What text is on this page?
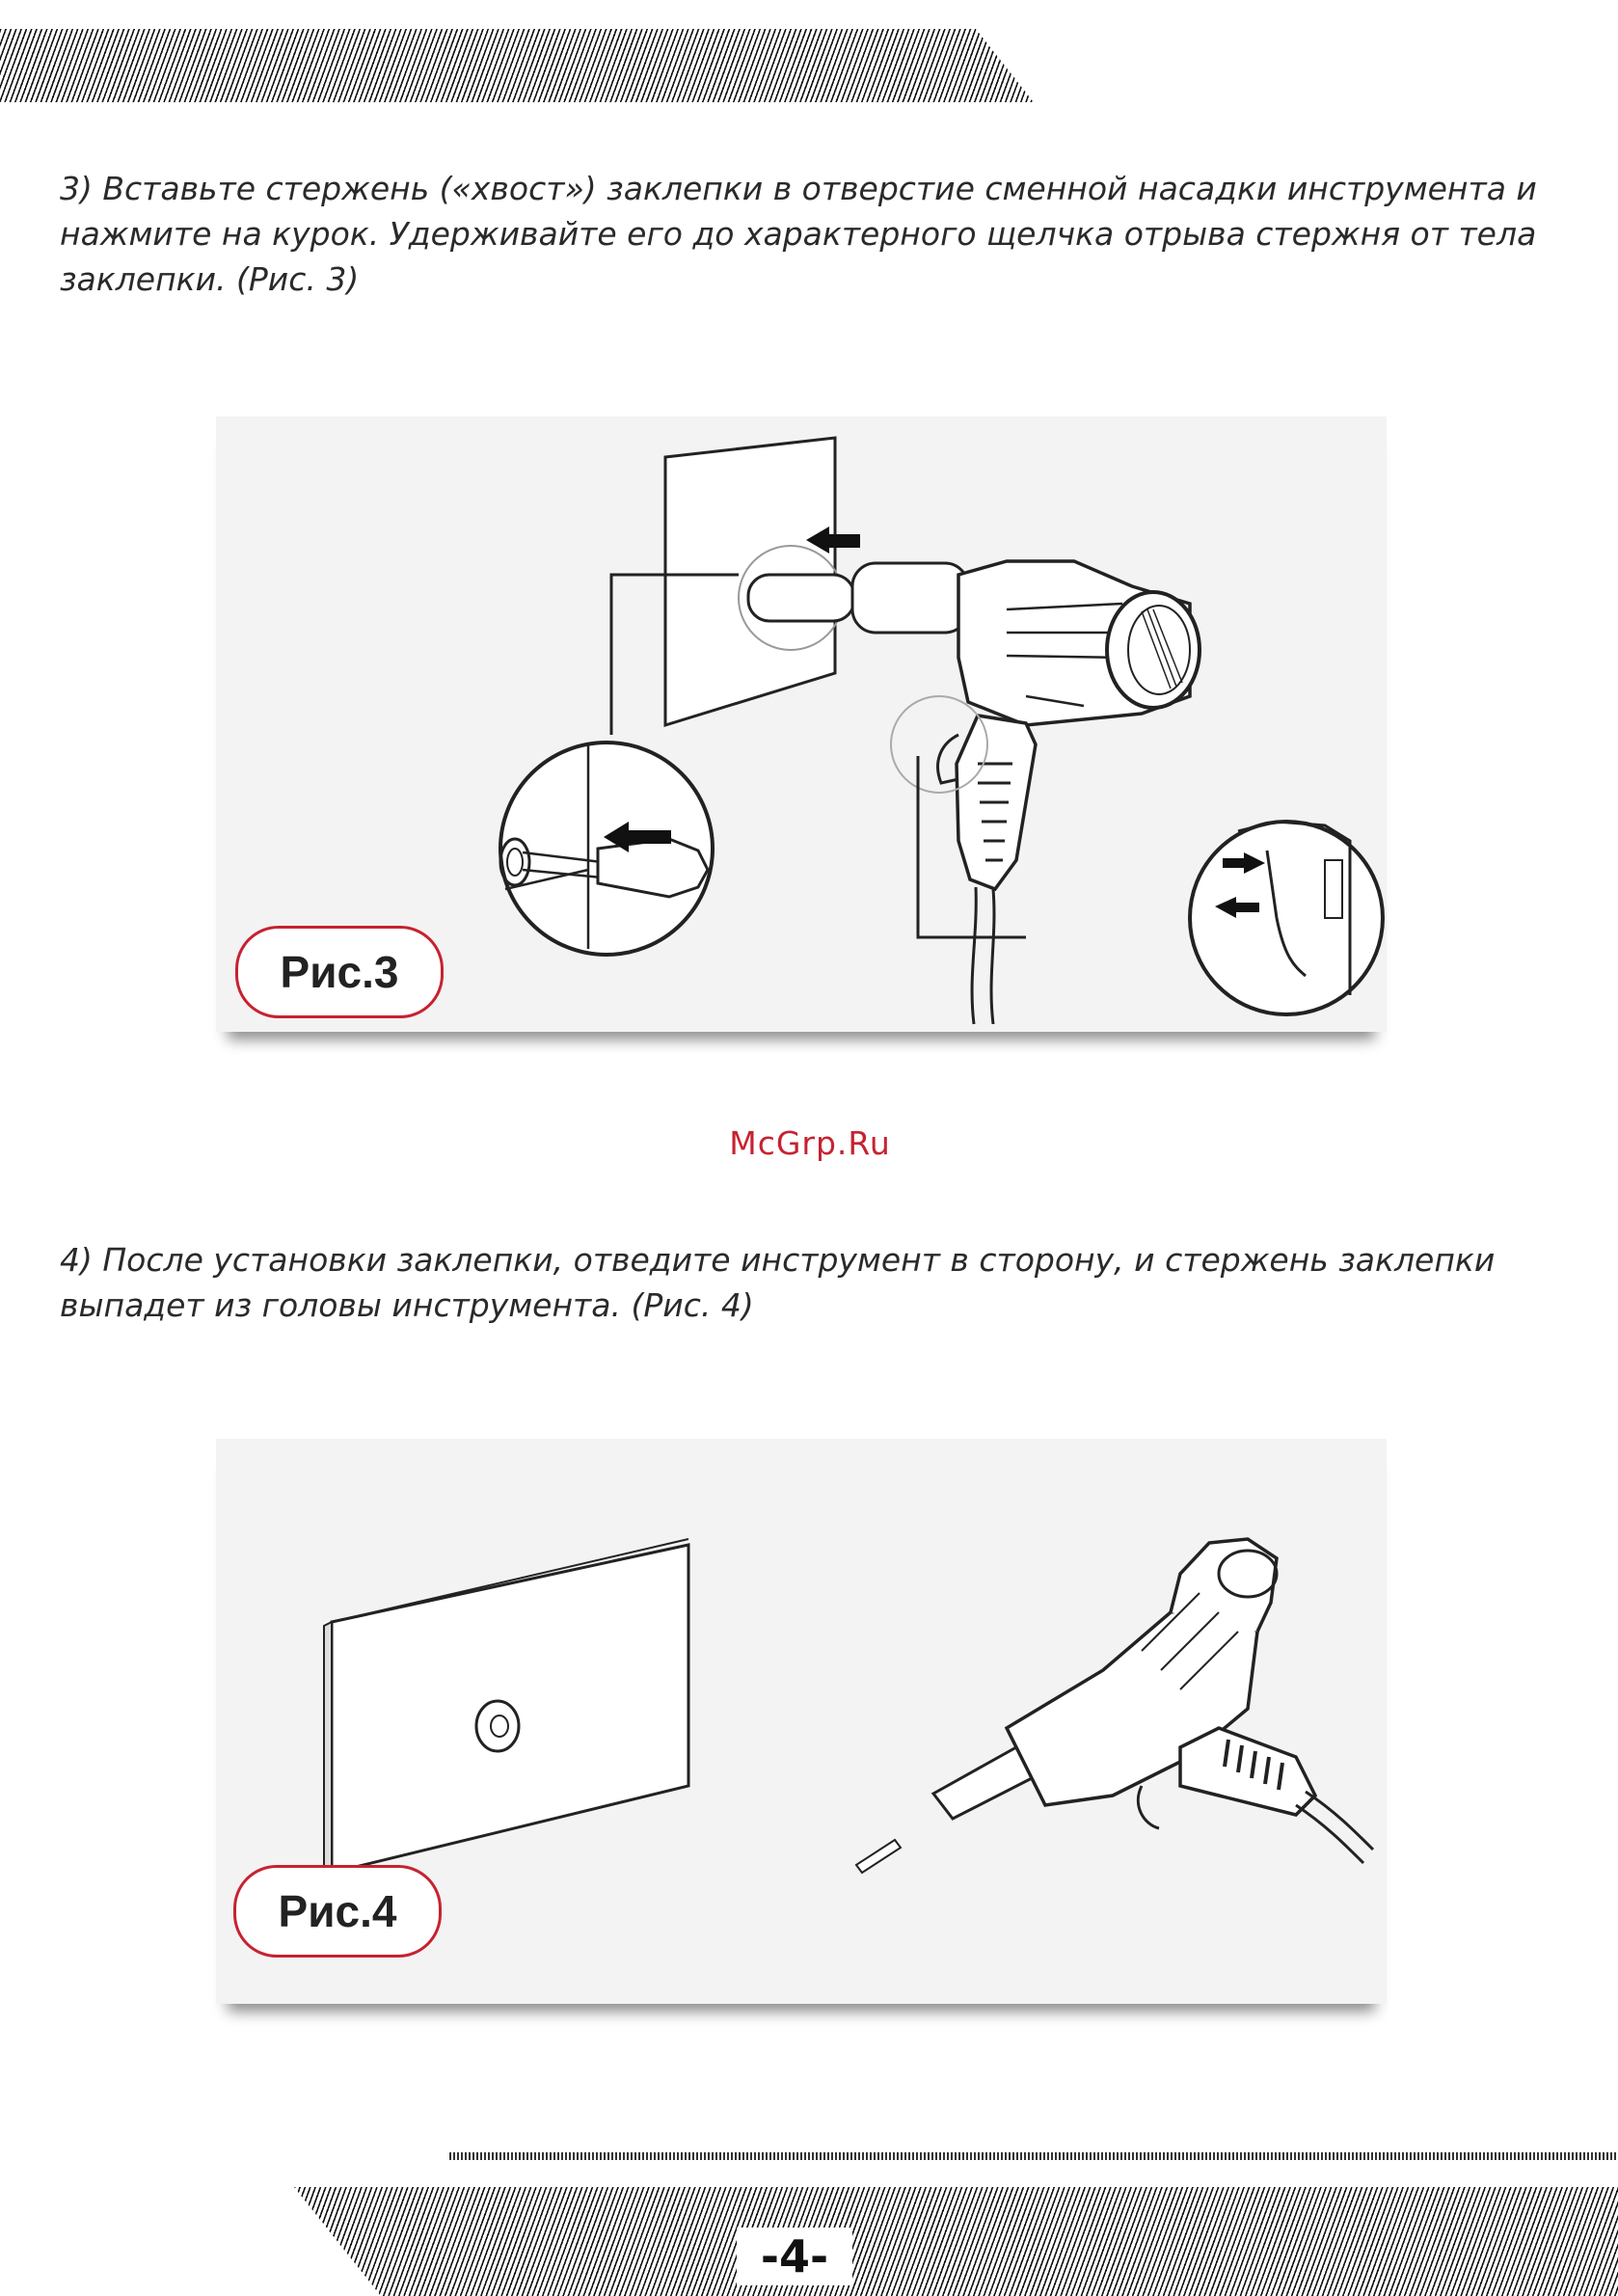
3) Вставьте стержень («хвост») заклепки в отверстие сменной насадки инструмента и нажмите на курок. Удерживайте его до характерного щелчка отрыва стержня от тела заклепки. (Рис. 3)

Рис.3
McGrp.Ru

4) После установки заклепки, отведите инструмент в сторону, и стержень заклепки выпадет из головы инструмента. (Рис. 4)

Рис.4
-4-
